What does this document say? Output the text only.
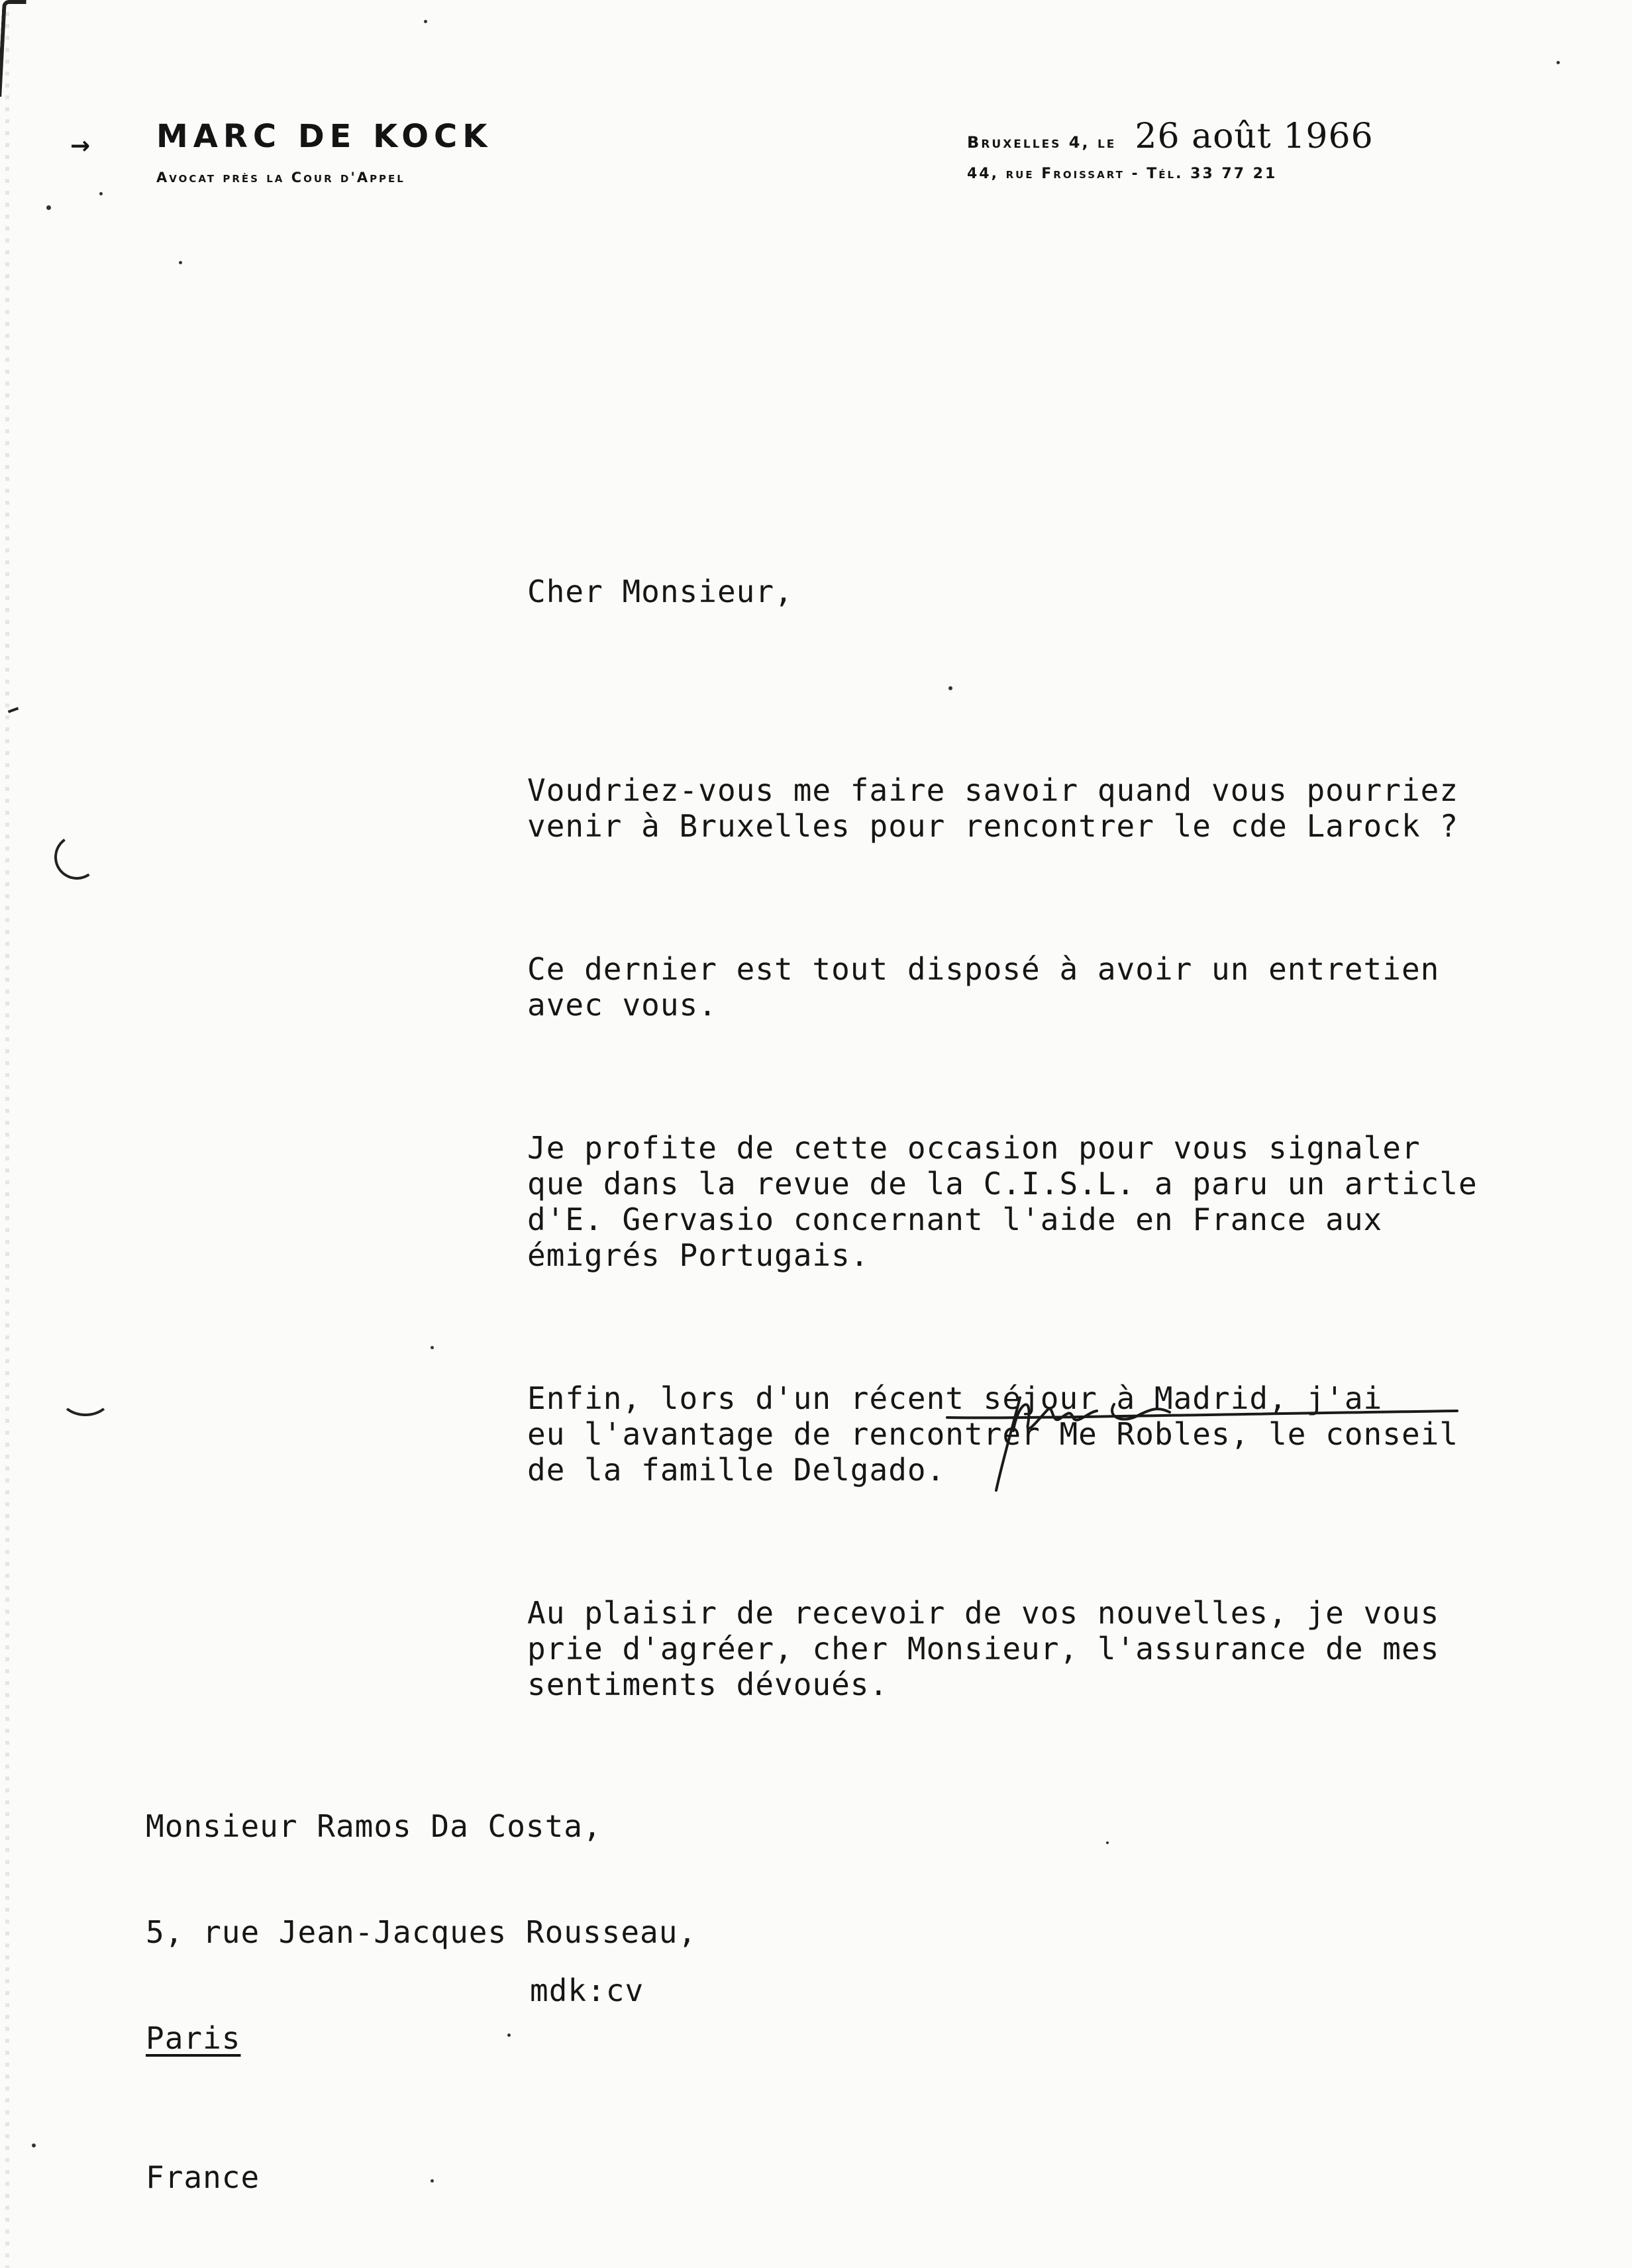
→ MARC DE KOCK
Avocat près la Cour d'Appel
Bruxelles 4, le 26 août 1966
44, rue Froissart - Tél. 33 77 21
Cher Monsieur,

Voudriez-vous me faire savoir quand vous pourriez
venir à Bruxelles pour rencontrer le cde Larock ?

Ce dernier est tout disposé à avoir un entretien
avec vous.

Je profite de cette occasion pour vous signaler
que dans la revue de la C.I.S.L. a paru un article
d'E. Gervasio concernant l'aide en France aux
émigrés Portugais.

Enfin, lors d'un récent séjour à Madrid, j'ai
eu l'avantage de rencontrer Me Robles, le conseil
de la famille Delgado.

Au plaisir de recevoir de vos nouvelles, je vous
prie d'agréer, cher Monsieur, l'assurance de mes
sentiments dévoués.

Monsieur Ramos Da Costa,

5, rue Jean-Jacques Rousseau,

Paris

France

mdk:cv
